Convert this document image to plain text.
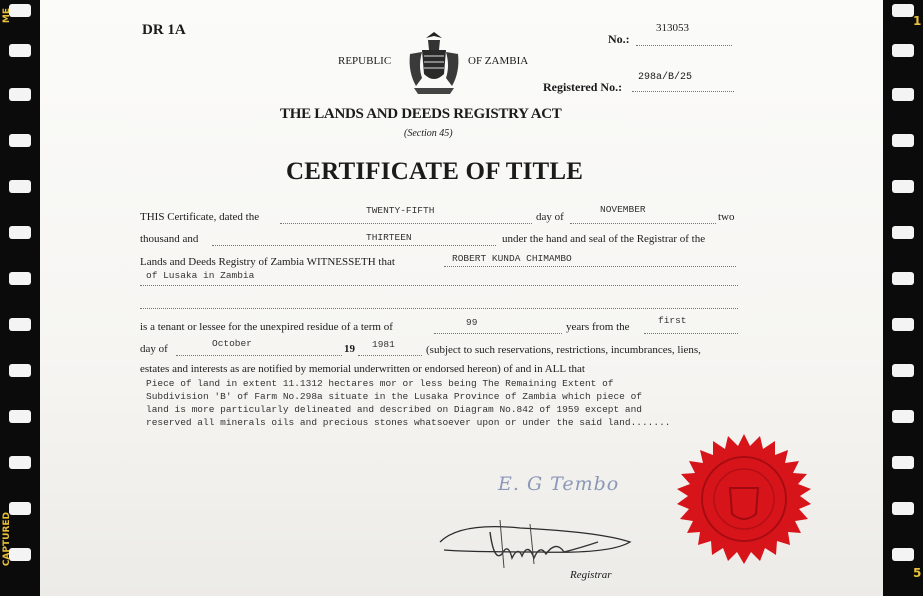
ME
CAPTURED
1
5
DR 1A
No.:
313053
REPUBLIC	OF ZAMBIA
Registered No.:
298a/B/25
THE LANDS AND DEEDS REGISTRY ACT
(Section 45)
CERTIFICATE OF TITLE
THIS Certificate, dated the
TWENTY-FIFTH
day of
NOVEMBER
two
thousand and	THIRTEEN	under the hand and seal of the Registrar of the
Lands and Deeds Registry of Zambia WITNESSETH that	ROBERT KUNDA CHIMAMBO
of Lusaka in Zambia
is a tenant or lessee for the unexpired residue of a term of	99	years from the
first
day of	October	19 1981	(subject to such reservations, restrictions, incumbrances, liens,
estates and interests as are notified by memorial underwritten or endorsed hereon) of and in ALL that
Piece of land in extent 11.1312 hectares mor or less being The Remaining Extent of
Subdivision 'B' of Farm No.298a situate in the Lusaka Province of Zambia which piece of
land is more particularly delineated and described on Diagram No.842 of 1959 except and
reserved all minerals oils and precious stones whatsoever upon or under the said land.......
E. G Tembo
Registrar
